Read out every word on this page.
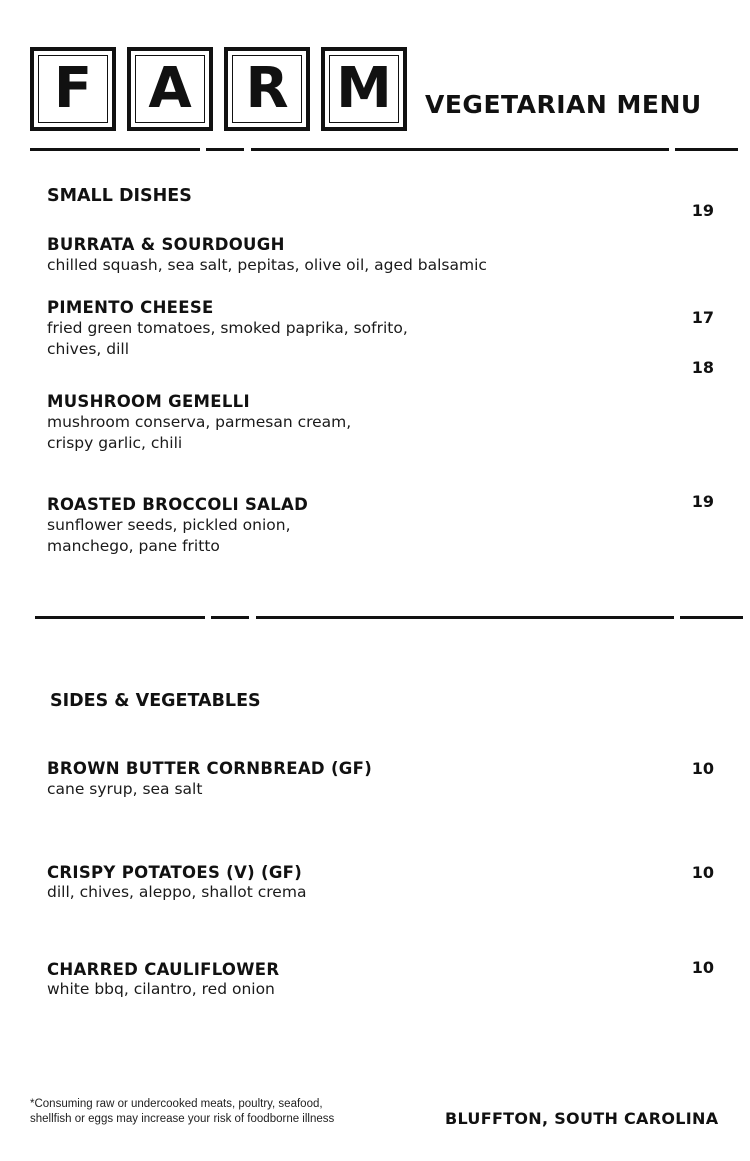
F A R M VEGETARIAN MENU
SMALL DISHES
19
17
18
19
BURRATA & SOURDOUGH
chilled squash, sea salt, pepitas, olive oil, aged balsamic
PIMENTO CHEESE
fried green tomatoes, smoked paprika, sofrito,
chives, dill
MUSHROOM GEMELLI
mushroom conserva, parmesan cream,
crispy garlic, chili
ROASTED BROCCOLI SALAD
sunflower seeds, pickled onion,
manchego, pane fritto
SIDES & VEGETABLES
BROWN BUTTER CORNBREAD (GF)
cane syrup, sea salt
10
CRISPY POTATOES (V) (GF)
dill, chives, aleppo, shallot crema
10
CHARRED CAULIFLOWER
white bbq, cilantro, red onion
10
*Consuming raw or undercooked meats, poultry, seafood,
shellfish or eggs may increase your risk of foodborne illness	BLUFFTON, SOUTH CAROLINA
